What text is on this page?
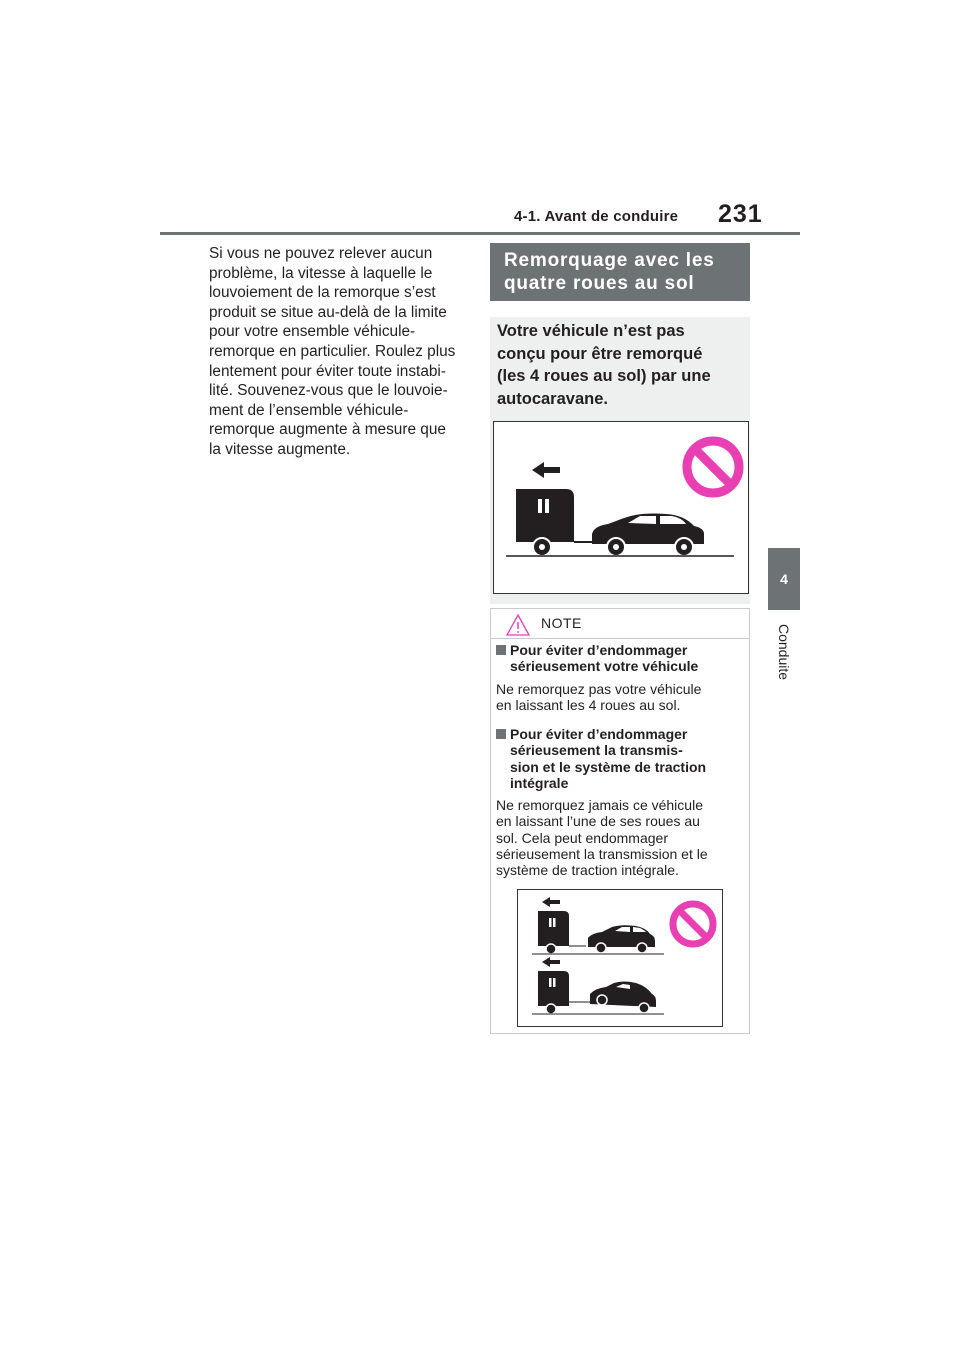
4-1. Avant de conduire 231
4
Conduite
Si vous ne pouvez relever aucun
problème, la vitesse à laquelle le
louvoiement de la remorque s’est
produit se situe au-delà de la limite
pour votre ensemble véhicule-
remorque en particulier. Roulez plus
lentement pour éviter toute instabi-
lité. Souvenez-vous que le louvoie-
ment de l’ensemble véhicule-
remorque augmente à mesure que
la vitesse augmente.
Remorquage avec les
quatre roues au sol
Votre véhicule n’est pas
conçu pour être remorqué
(les 4 roues au sol) par une
autocaravane.
NOTE
Pour éviter d’endommager
sérieusement votre véhicule
Ne remorquez pas votre véhicule
en laissant les 4 roues au sol.
Pour éviter d’endommager
sérieusement la transmis-
sion et le système de traction
intégrale
Ne remorquez jamais ce véhicule
en laissant l’une de ses roues au
sol. Cela peut endommager
sérieusement la transmission et le
système de traction intégrale.
